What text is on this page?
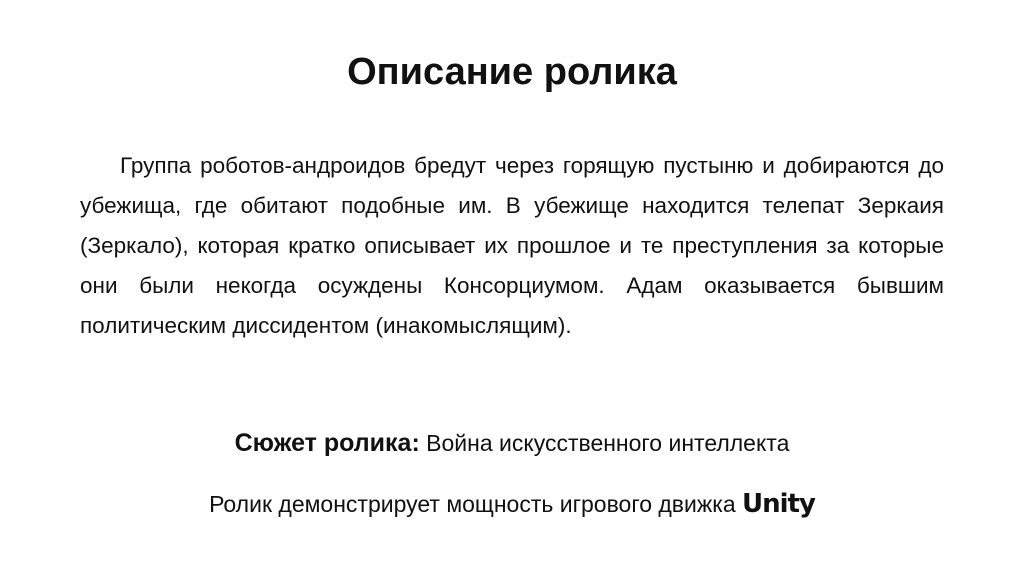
Описание ролика

Группа роботов-андроидов бредут через горящую пустыню и добираются до убежища, где обитают подобные им. В убежище находится телепат Зеркаия (Зеркало), которая кратко описывает их прошлое и те преступления за которые они были некогда осуждены Консорциумом. Адам оказывается бывшим политическим диссидентом (инакомыслящим).

Сюжет ролика: Война искусственного интеллекта

Ролик демонстрирует мощность игрового движка Unity
